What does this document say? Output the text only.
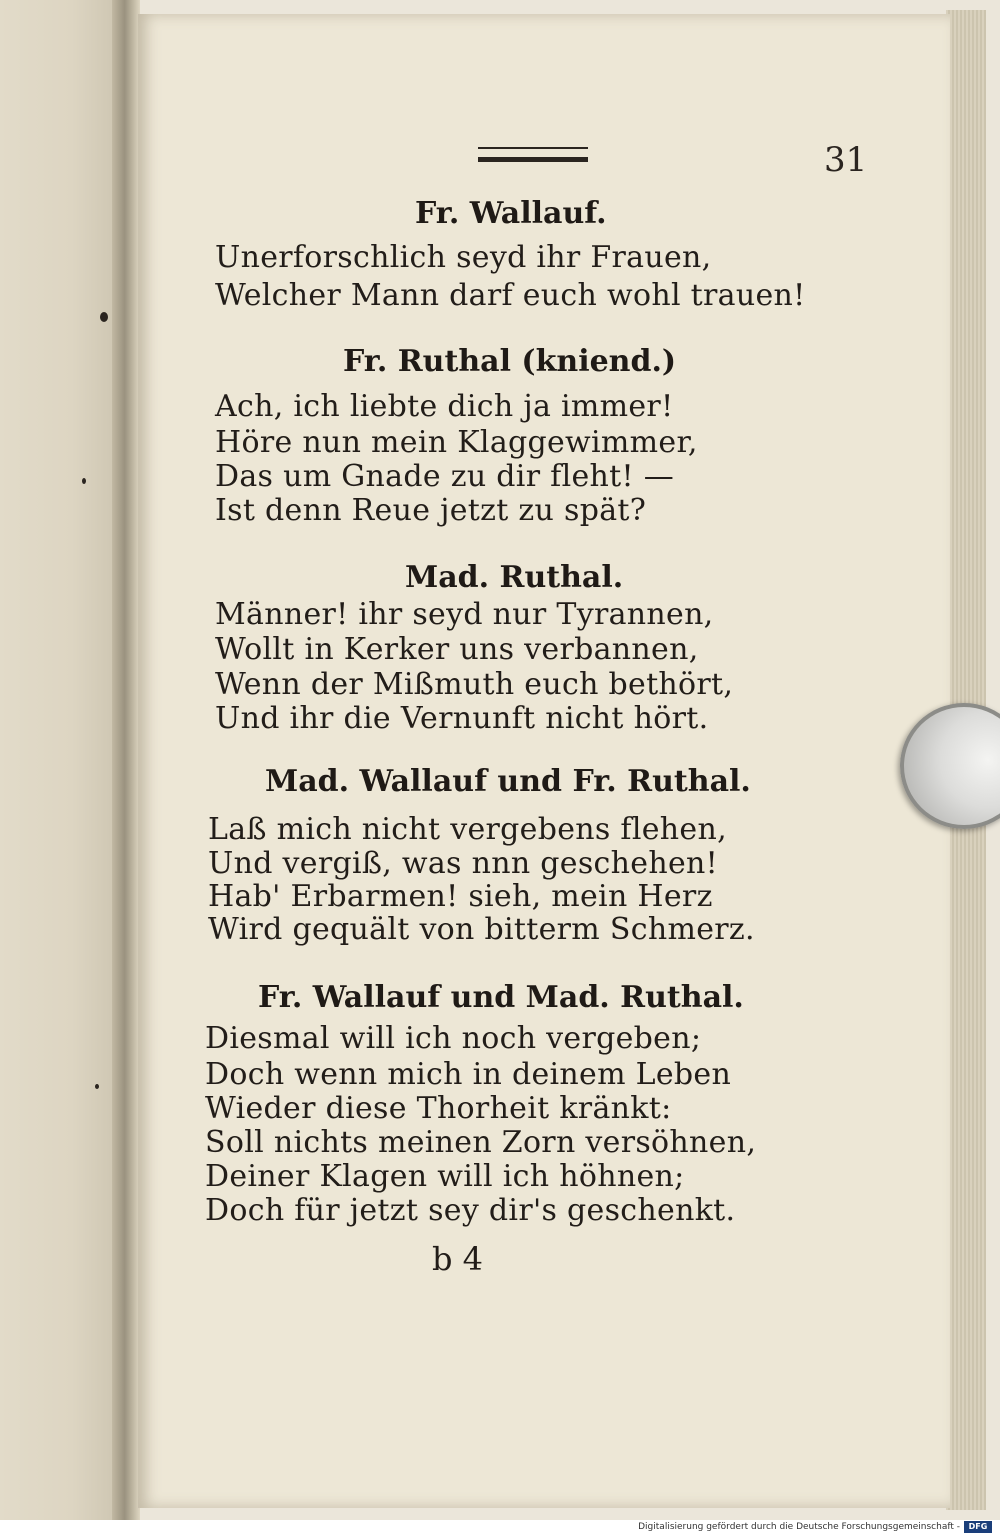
31
Fr. Wallauf.
Unerforschlich seyd ihr Frauen,
Welcher Mann darf euch wohl trauen!
Fr. Ruthal (kniend.)
Ach, ich liebte dich ja immer!
Höre nun mein Klaggewimmer,
Das um Gnade zu dir fleht! —
Ist denn Reue jetzt zu spät?
Mad. Ruthal.
Männer! ihr seyd nur Tyrannen,
Wollt in Kerker uns verbannen,
Wenn der Mißmuth euch bethört,
Und ihr die Vernunft nicht hört.
Mad. Wallauf und Fr. Ruthal.
Laß mich nicht vergebens flehen,
Und vergiß, was nnn geschehen!
Hab' Erbarmen! sieh, mein Herz
Wird gequält von bitterm Schmerz.
Fr. Wallauf und Mad. Ruthal.
Diesmal will ich noch vergeben;
Doch wenn mich in deinem Leben
Wieder diese Thorheit kränkt:
Soll nichts meinen Zorn versöhnen,
Deiner Klagen will ich höhnen;
Doch für jetzt sey dir's geschenkt.
b 4
Digitalisierung gefördert durch die Deutsche Forschungsgemeinschaft -	DFG
